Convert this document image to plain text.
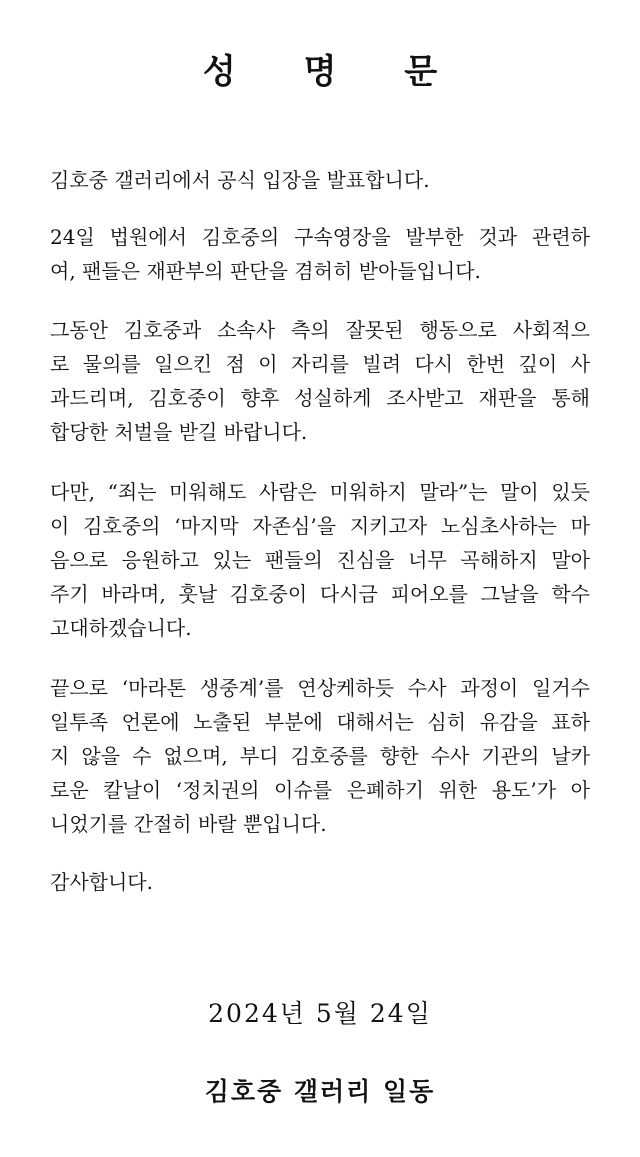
성 명 문
김호중 갤러리에서 공식 입장을 발표합니다.
24일 법원에서 김호중의 구속영장을 발부한 것과 관련하
여, 팬들은 재판부의 판단을 겸허히 받아들입니다.
그동안 김호중과 소속사 측의 잘못된 행동으로 사회적으
로 물의를 일으킨 점 이 자리를 빌려 다시 한번 깊이 사
과드리며, 김호중이 향후 성실하게 조사받고 재판을 통해
합당한 처벌을 받길 바랍니다.
다만, “죄는 미워해도 사람은 미워하지 말라”는 말이 있듯
이 김호중의 ‘마지막 자존심’을 지키고자 노심초사하는 마
음으로 응원하고 있는 팬들의 진심을 너무 곡해하지 말아
주기 바라며, 훗날 김호중이 다시금 피어오를 그날을 학수
고대하겠습니다.
끝으로 ‘마라톤 생중계’를 연상케하듯 수사 과정이 일거수
일투족 언론에 노출된 부분에 대해서는 심히 유감을 표하
지 않을 수 없으며, 부디 김호중를 향한 수사 기관의 날카
로운 칼날이 ‘정치권의 이슈를 은폐하기 위한 용도’가 아
니었기를 간절히 바랄 뿐입니다.
감사합니다.
2024년 5월 24일
김호중 갤러리 일동
